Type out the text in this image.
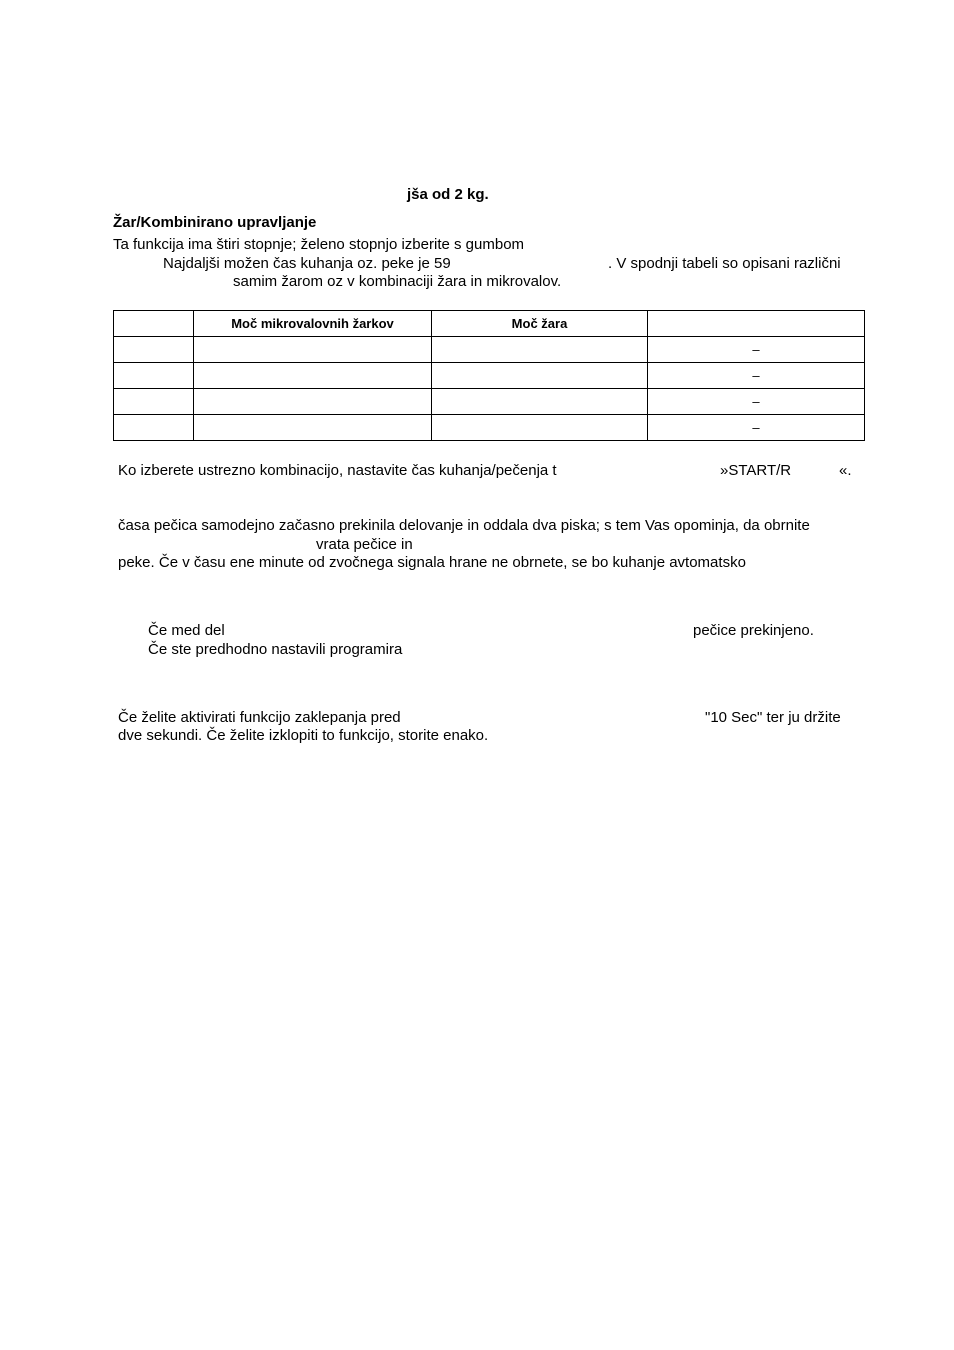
jša od 2 kg.
Žar/Kombinirano upravljanje
Ta funkcija ima štiri stopnje; želeno stopnjo izberite s gumbom
Najdaljši možen čas kuhanja oz. peke je 59	. V spodnji tabeli so opisani različni
samim žarom oz v kombinaciji žara in mikrovalov.
	Moč mikrovalovnih žarkov	Moč žara	
			–
			–
			–
			–
Ko izberete ustrezno kombinacijo, nastavite čas kuhanja/pečenja t	»START/R	«.
časa pečica samodejno začasno prekinila delovanje in oddala dva piska; s tem Vas opominja, da obrnite
vrata pečice in
peke. Če v času ene minute od zvočnega signala hrane ne obrnete, se bo kuhanje avtomatsko
Če med del	pečice prekinjeno.
Če ste predhodno nastavili programira
Če želite aktivirati funkcijo zaklepanja pred	"10 Sec" ter ju držite
dve sekundi. Če želite izklopiti to funkcijo, storite enako.
